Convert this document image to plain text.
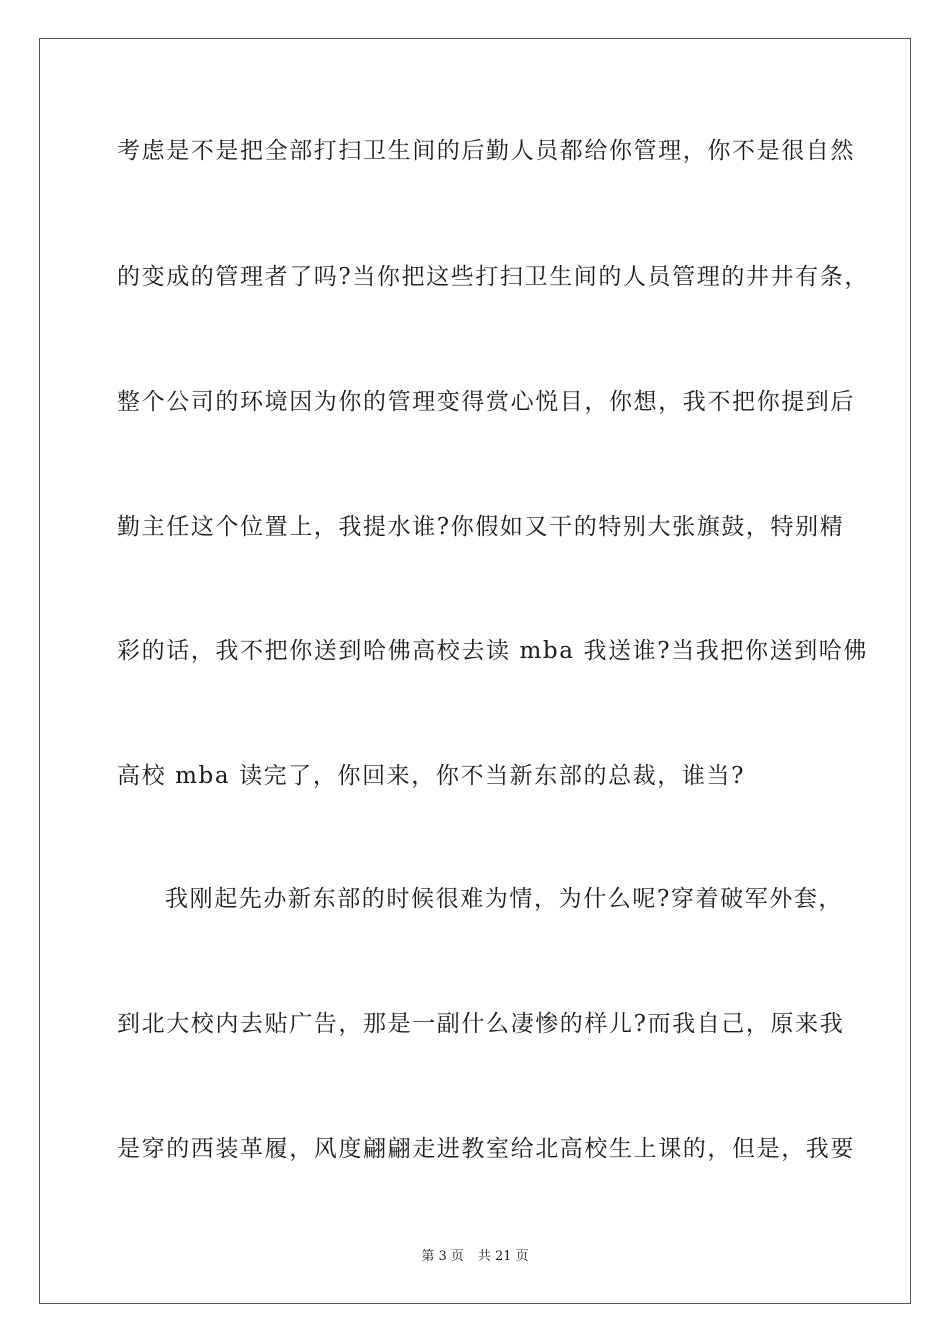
考虑是不是把全部打扫卫生间的后勤人员都给你管理，你不是很自然

的变成的管理者了吗?当你把这些打扫卫生间的人员管理的井井有条，

整个公司的环境因为你的管理变得赏心悦目，你想，我不把你提到后

勤主任这个位置上，我提水谁?你假如又干的特别大张旗鼓，特别精

彩的话，我不把你送到哈佛高校去读 mba 我送谁?当我把你送到哈佛

高校 mba 读完了，你回来，你不当新东部的总裁，谁当?

我刚起先办新东部的时候很难为情，为什么呢?穿着破军外套，

到北大校内去贴广告，那是一副什么凄惨的样儿?而我自己，原来我

是穿的西装革履，风度翩翩走进教室给北高校生上课的，但是，我要

第 3 页 共 21 页
